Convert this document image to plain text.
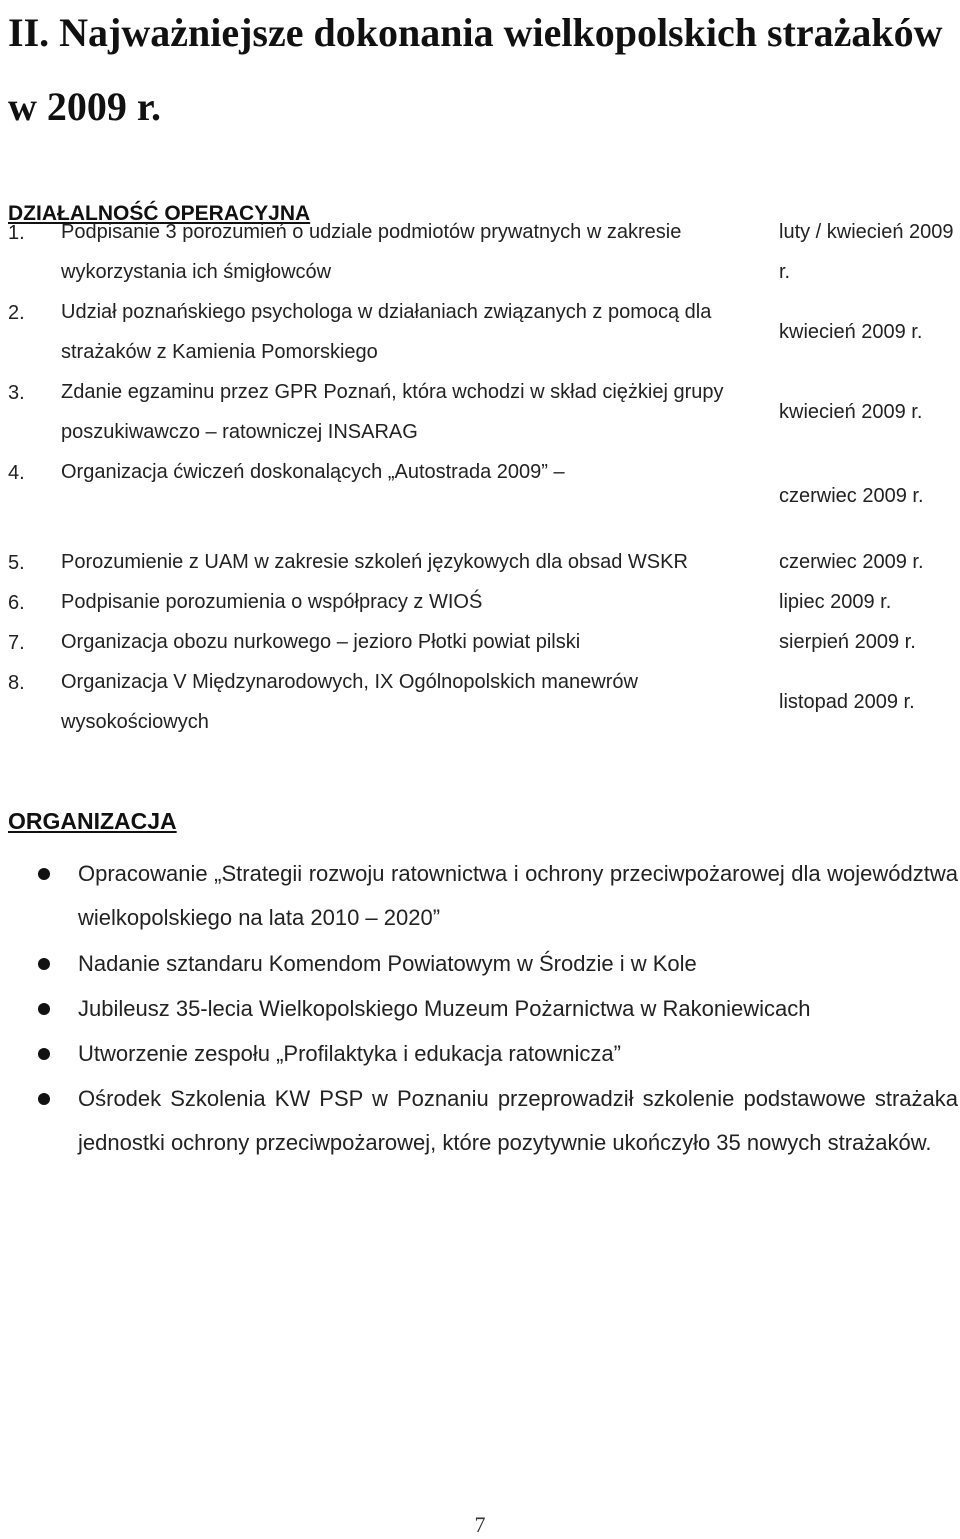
II. Najważniejsze dokonania wielkopolskich strażaków w 2009 r.
DZIAŁALNOŚĆ OPERACYJNA
1. Podpisanie 3 porozumień o udziale podmiotów prywatnych w zakresie wykorzystania ich śmigłowców
luty / kwiecień 2009 r.
2. Udział poznańskiego psychologa w działaniach związanych z pomocą dla strażaków z Kamienia Pomorskiego
kwiecień 2009 r.
3. Zdanie egzaminu przez GPR Poznań, która wchodzi w skład ciężkiej grupy poszukiwawczo – ratowniczej INSARAG
kwiecień 2009 r.
4. Organizacja ćwiczeń doskonalących „Autostrada 2009” –
czerwiec 2009 r.
5. Porozumienie z UAM w zakresie szkoleń językowych dla obsad WSKR	czerwiec 2009 r.
6. Podpisanie porozumienia o współpracy z WIOŚ	lipiec 2009 r.
7. Organizacja obozu nurkowego – jezioro Płotki powiat pilski	sierpień 2009 r.
8. Organizacja V Międzynarodowych, IX Ogólnopolskich manewrów wysokościowych
listopad 2009 r.
ORGANIZACJA
Opracowanie „Strategii rozwoju ratownictwa i ochrony przeciwpożarowej dla województwa wielkopolskiego na lata 2010 – 2020”
Nadanie sztandaru Komendom Powiatowym w Środzie i w Kole
Jubileusz 35-lecia Wielkopolskiego Muzeum Pożarnictwa w Rakoniewicach
Utworzenie zespołu „Profilaktyka i edukacja ratownicza”
Ośrodek Szkolenia KW PSP w Poznaniu przeprowadził szkolenie podstawowe strażaka jednostki ochrony przeciwpożarowej, które pozytywnie ukończyło 35 nowych strażaków.
7
